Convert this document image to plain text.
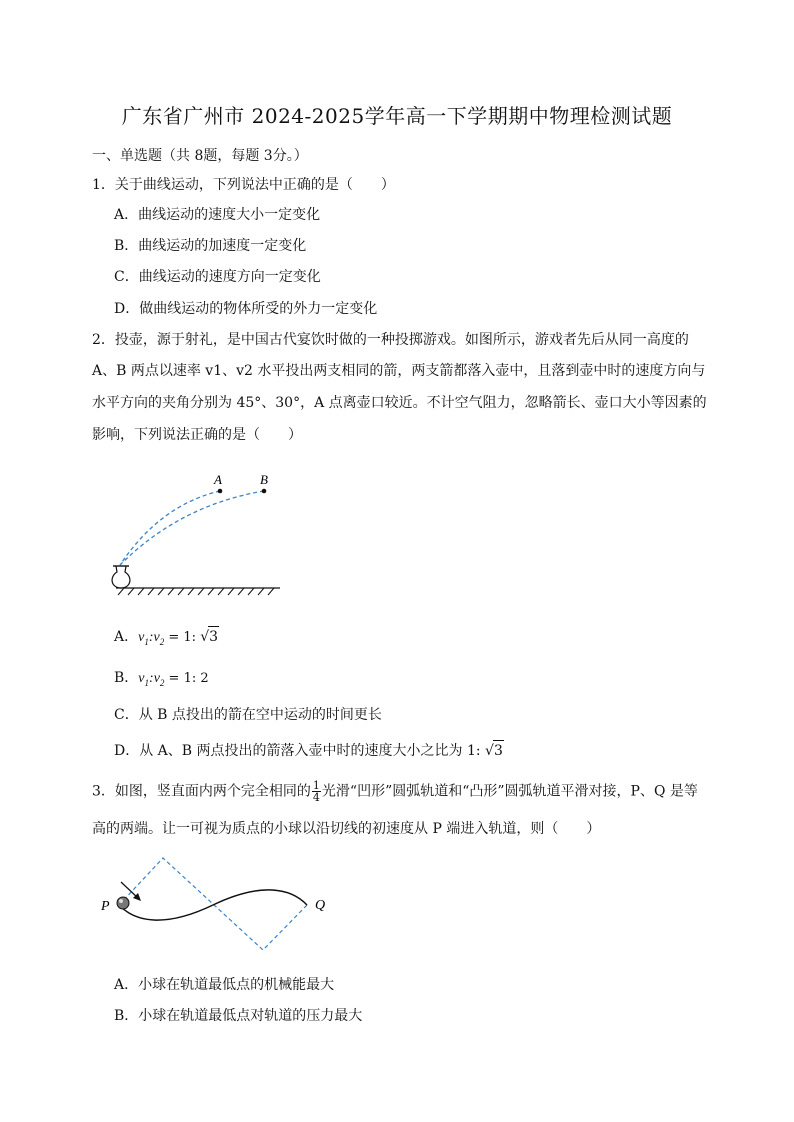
广东省广州市 2024-2025学年高一下学期期中物理检测试题
一、单选题（共 8题，每题 3分。）
1．关于曲线运动，下列说法中正确的是（　　）
A．曲线运动的速度大小一定变化
B．曲线运动的加速度一定变化
C．曲线运动的速度方向一定变化
D．做曲线运动的物体所受的外力一定变化
2．投壶，源于射礼，是中国古代宴饮时做的一种投掷游戏。如图所示，游戏者先后从同一高度的
A、B 两点以速率 v1、v2 水平投出两支相同的箭，两支箭都落入壶中，且落到壶中时的速度方向与
水平方向的夹角分别为 45°、30°，A 点离壶口较近。不计空气阻力，忽略箭长、壶口大小等因素的
影响，下列说法正确的是（　　）
A	B
A．$v_1:v_2 = 1$: √3
B．$v_1:v_2 = 1$: 2
C．从 B 点投出的箭在空中运动的时间更长
D．从 A、B 两点投出的箭落入壶中时的速度大小之比为 1: √3
3．如图，竖直面内两个完全相同的 $\frac{1}{4}$ 光滑“凹形”圆弧轨道和“凸形”圆弧轨道平滑对接，P、Q 是等
高的两端。让一可视为质点的小球以沿切线的初速度从 P 端进入轨道，则（　　）
P	Q
A．小球在轨道最低点的机械能最大
B．小球在轨道最低点对轨道的压力最大
